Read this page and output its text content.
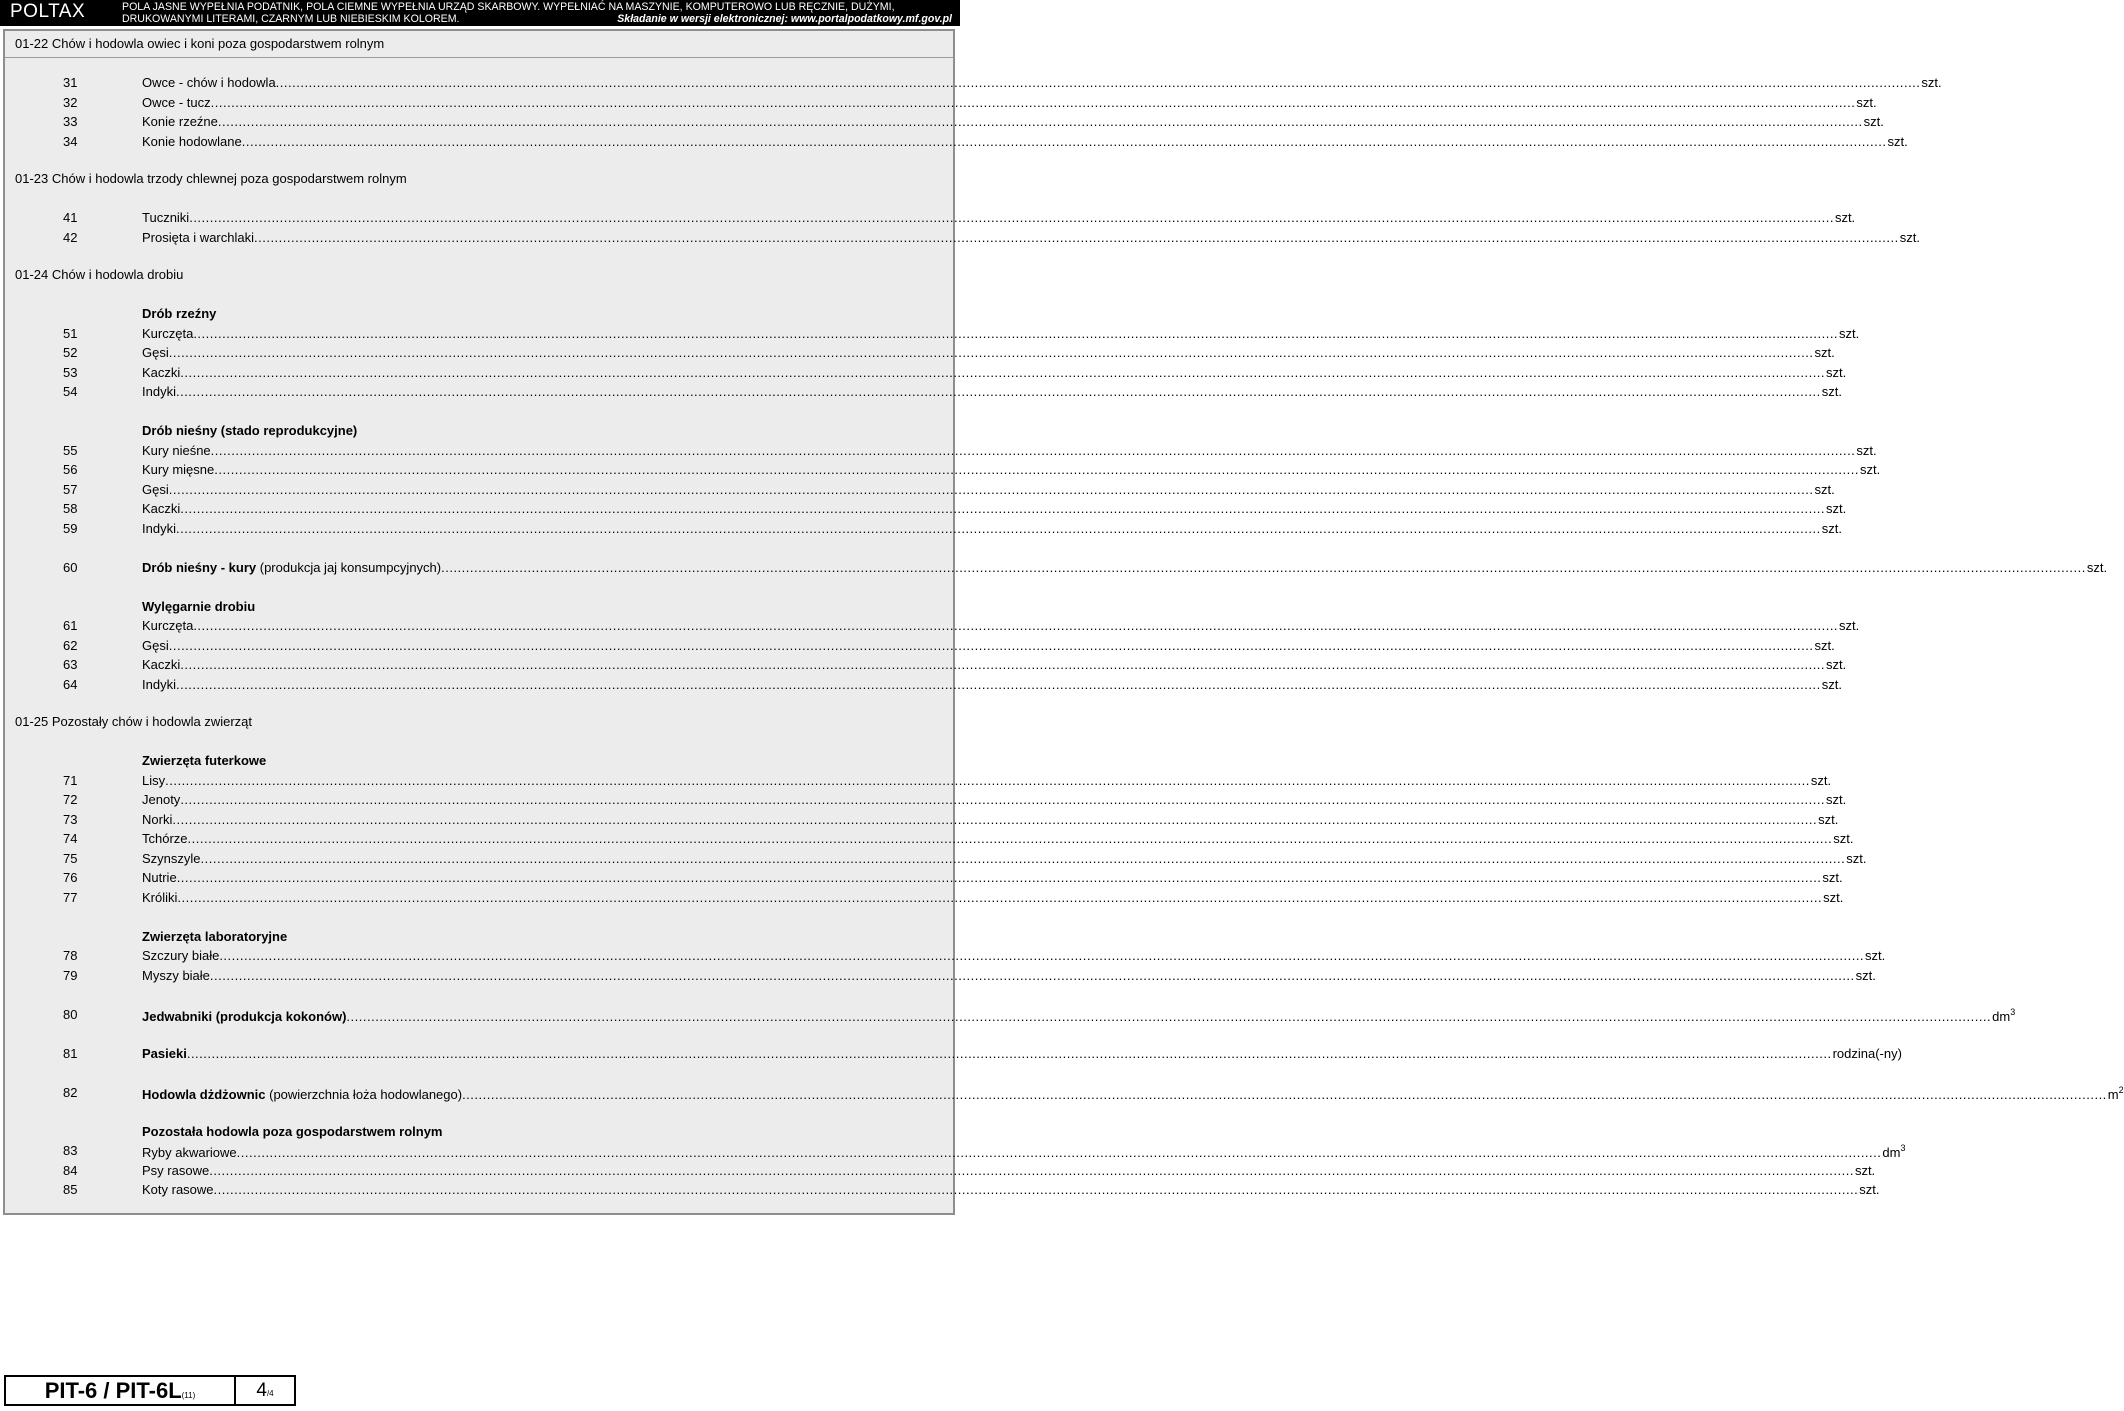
POLTAX	POLA JASNE WYPEŁNIA PODATNIK, POLA CIEMNE WYPEŁNIA URZĄD SKARBOWY. WYPEŁNIAĆ NA MASZYNIE, KOMPUTEROWO LUB RĘCZNIE, DUŻYMI,
DRUKOWANYMI LITERAMI, CZARNYM LUB NIEBIESKIM KOLOREM.	Składanie w wersji elektronicznej: www.portalpodatkowy.mf.gov.pl
01-22 Chów i hodowla owiec i koni poza gospodarstwem rolnym
31	Owce - chów i hodowla ................................................................................................................................................................................................................................................................................................................................................................................................................ szt.
32	Owce - tucz ................................................................................................................................................................................................................................................................................................................................................................................................................ szt.
33	Konie rzeźne ................................................................................................................................................................................................................................................................................................................................................................................................................ szt.
34	Konie hodowlane ................................................................................................................................................................................................................................................................................................................................................................................................................ szt.
01-23 Chów i hodowla trzody chlewnej poza gospodarstwem rolnym
41	Tuczniki ................................................................................................................................................................................................................................................................................................................................................................................................................ szt.
42	Prosięta i warchlaki ................................................................................................................................................................................................................................................................................................................................................................................................................ szt.
01-24 Chów i hodowla drobiu
Drób rzeźny
51	Kurczęta ................................................................................................................................................................................................................................................................................................................................................................................................................ szt.
52	Gęsi ................................................................................................................................................................................................................................................................................................................................................................................................................ szt.
53	Kaczki ................................................................................................................................................................................................................................................................................................................................................................................................................ szt.
54	Indyki ................................................................................................................................................................................................................................................................................................................................................................................................................ szt.
Drób nieśny (stado reprodukcyjne)
55	Kury nieśne ................................................................................................................................................................................................................................................................................................................................................................................................................ szt.
56	Kury mięsne ................................................................................................................................................................................................................................................................................................................................................................................................................ szt.
57	Gęsi ................................................................................................................................................................................................................................................................................................................................................................................................................ szt.
58	Kaczki ................................................................................................................................................................................................................................................................................................................................................................................................................ szt.
59	Indyki ................................................................................................................................................................................................................................................................................................................................................................................................................ szt.
60	Drób nieśny - kury (produkcja jaj konsumpcyjnych) ................................................................................................................................................................................................................................................................................................................................................................................................................ szt.
Wylęgarnie drobiu
61	Kurczęta ................................................................................................................................................................................................................................................................................................................................................................................................................ szt.
62	Gęsi ................................................................................................................................................................................................................................................................................................................................................................................................................ szt.
63	Kaczki ................................................................................................................................................................................................................................................................................................................................................................................................................ szt.
64	Indyki ................................................................................................................................................................................................................................................................................................................................................................................................................ szt.
01-25 Pozostały chów i hodowla zwierząt
Zwierzęta futerkowe
71	Lisy ................................................................................................................................................................................................................................................................................................................................................................................................................ szt.
72	Jenoty ................................................................................................................................................................................................................................................................................................................................................................................................................ szt.
73	Norki ................................................................................................................................................................................................................................................................................................................................................................................................................ szt.
74	Tchórze ................................................................................................................................................................................................................................................................................................................................................................................................................ szt.
75	Szynszyle ................................................................................................................................................................................................................................................................................................................................................................................................................ szt.
76	Nutrie ................................................................................................................................................................................................................................................................................................................................................................................................................ szt.
77	Króliki ................................................................................................................................................................................................................................................................................................................................................................................................................ szt.
Zwierzęta laboratoryjne
78	Szczury białe ................................................................................................................................................................................................................................................................................................................................................................................................................ szt.
79	Myszy białe ................................................................................................................................................................................................................................................................................................................................................................................................................ szt.
80	Jedwabniki (produkcja kokonów) ................................................................................................................................................................................................................................................................................................................................................................................................................ $dm^3$
81	Pasieki ................................................................................................................................................................................................................................................................................................................................................................................................................ rodzina(-ny)
82	Hodowla dżdżownic (powierzchnia łoża hodowlanego) ................................................................................................................................................................................................................................................................................................................................................................................................................ $m^2$
Pozostała hodowla poza gospodarstwem rolnym
83	Ryby akwariowe ................................................................................................................................................................................................................................................................................................................................................................................................................ $dm^3$
84	Psy rasowe ................................................................................................................................................................................................................................................................................................................................................................................................................ szt.
85	Koty rasowe ................................................................................................................................................................................................................................................................................................................................................................................................................ szt.
PIT-6 / PIT-6L(11)	4/4
